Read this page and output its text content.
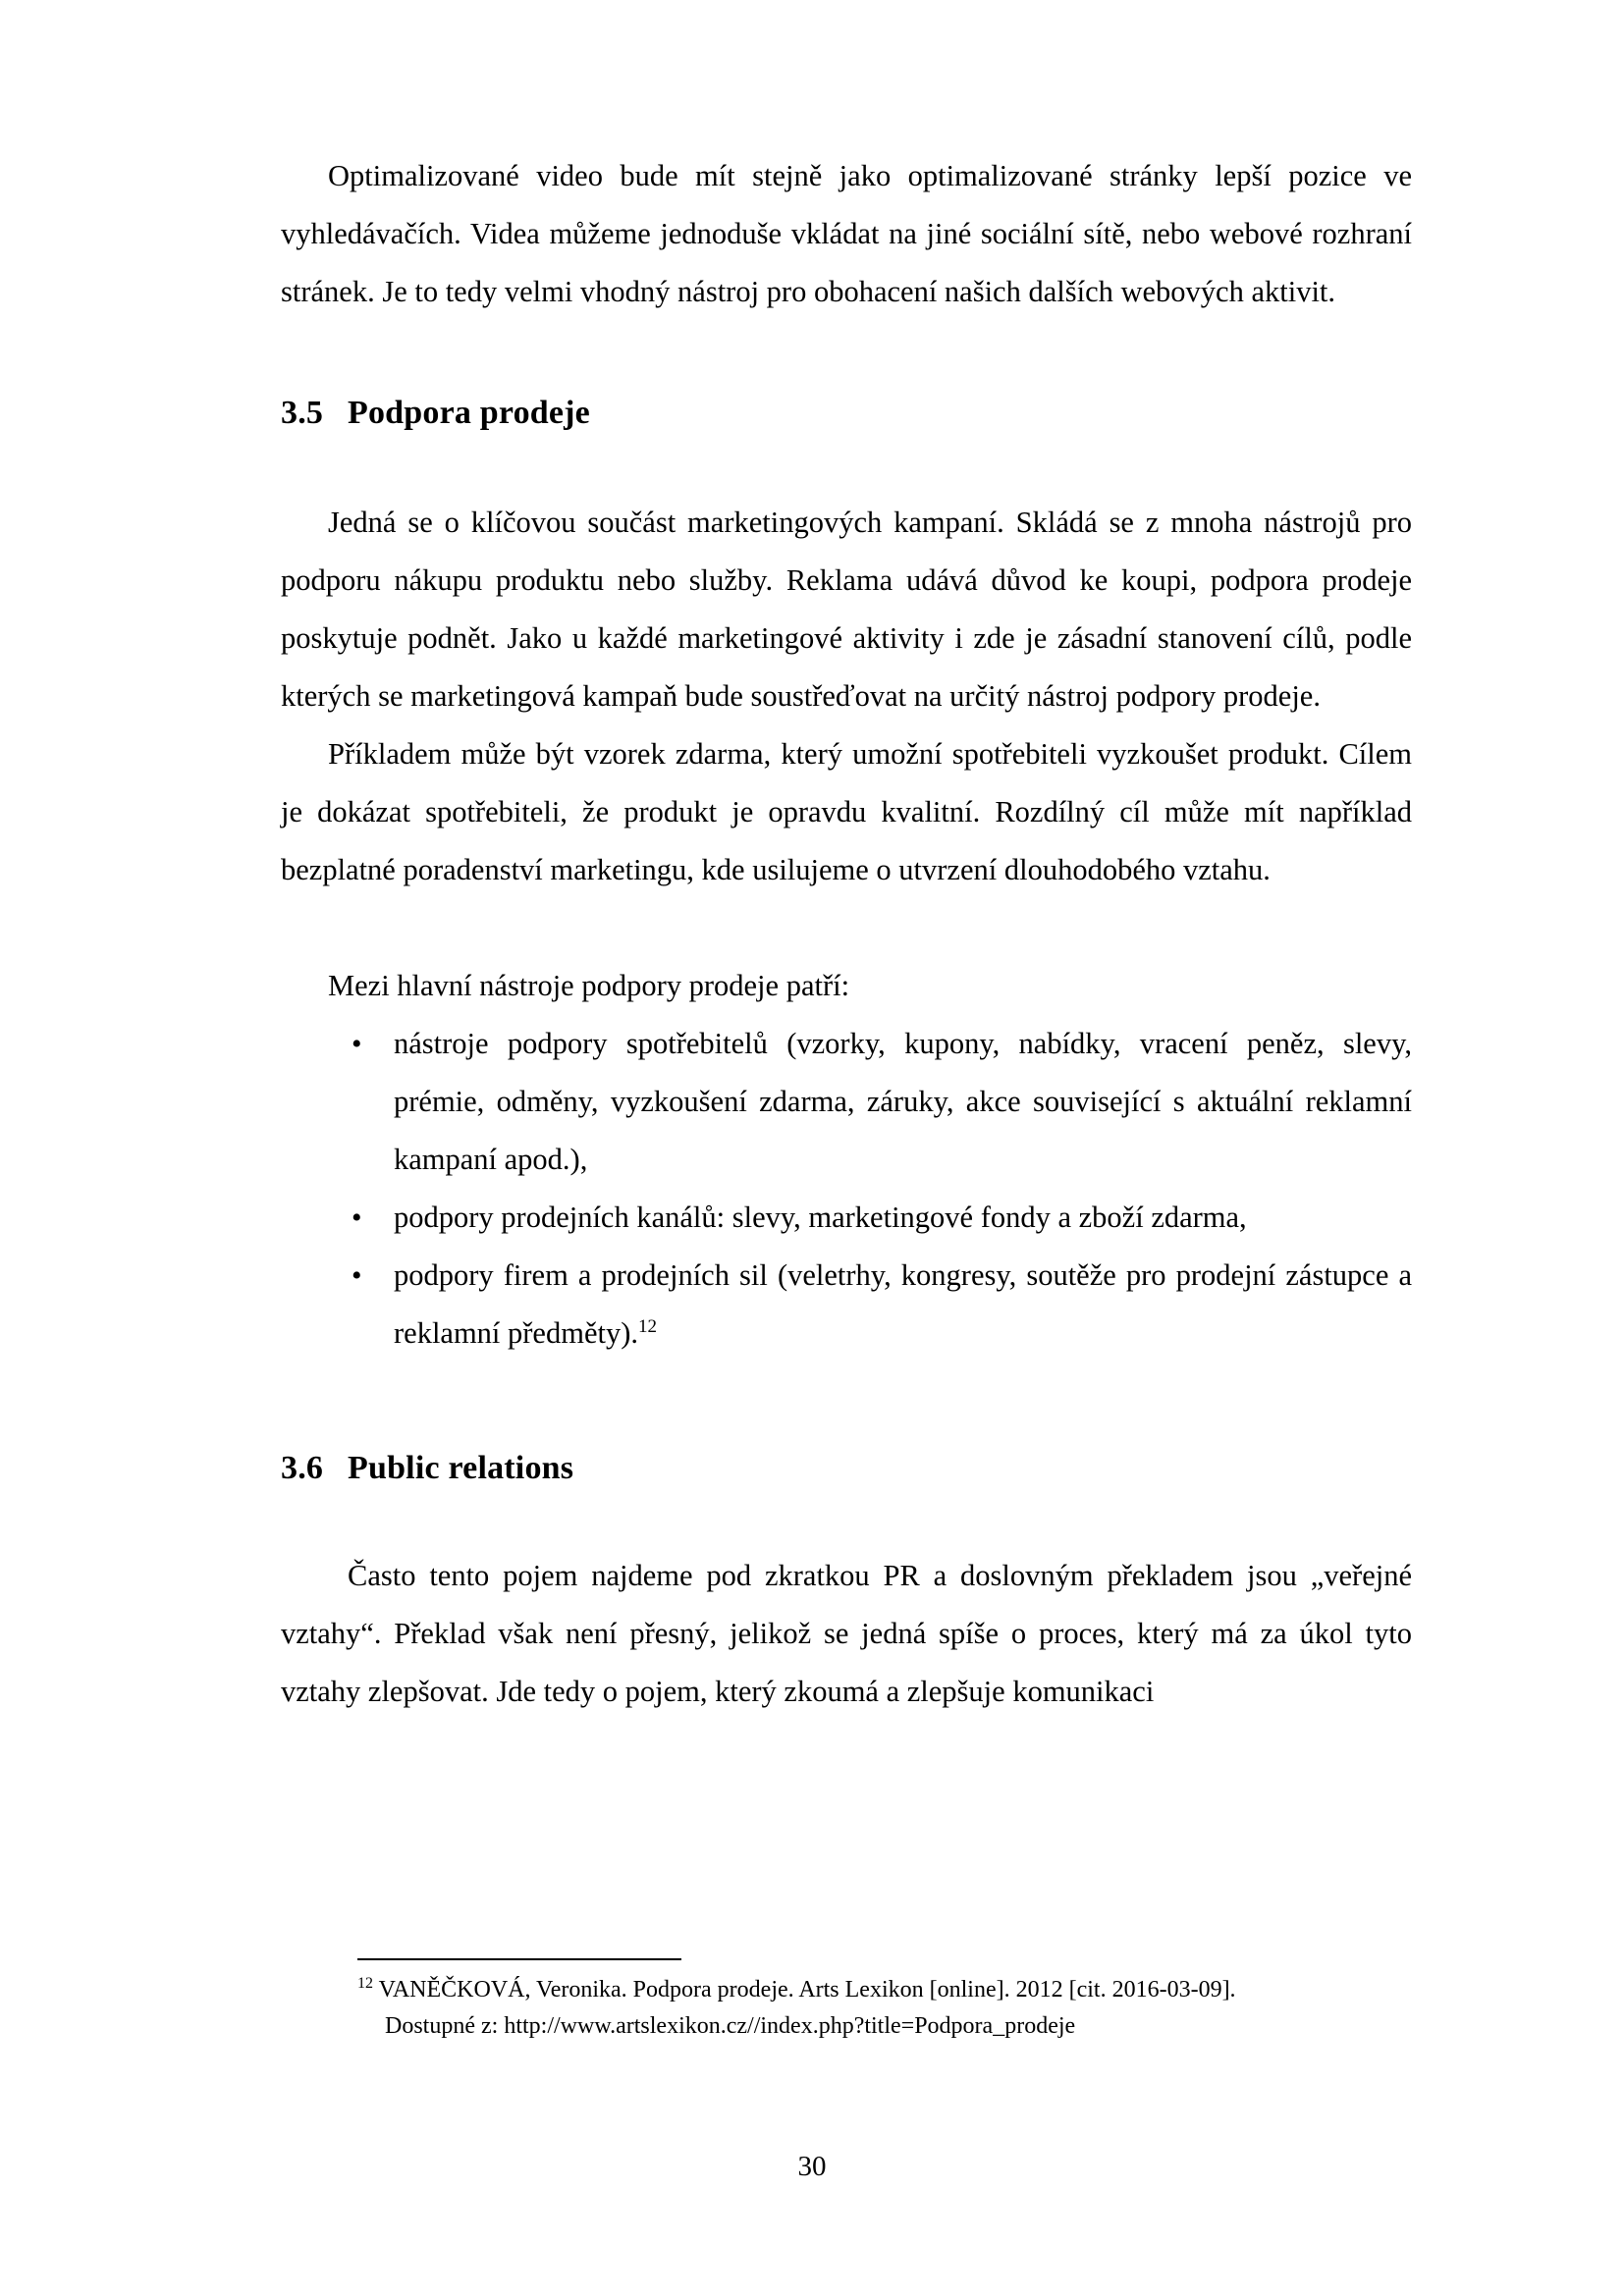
Optimalizované video bude mít stejně jako optimalizované stránky lepší pozice ve vyhledávačích. Videa můžeme jednoduše vkládat na jiné sociální sítě, nebo webové rozhraní stránek. Je to tedy velmi vhodný nástroj pro obohacení našich dalších webových aktivit.

3.5 Podpora prodeje

Jedná se o klíčovou součást marketingových kampaní. Skládá se z mnoha nástrojů pro podporu nákupu produktu nebo služby. Reklama udává důvod ke koupi, podpora prodeje poskytuje podnět. Jako u každé marketingové aktivity i zde je zásadní stanovení cílů, podle kterých se marketingová kampaň bude soustřeďovat na určitý nástroj podpory prodeje.

Příkladem může být vzorek zdarma, který umožní spotřebiteli vyzkoušet produkt. Cílem je dokázat spotřebiteli, že produkt je opravdu kvalitní. Rozdílný cíl může mít například bezplatné poradenství marketingu, kde usilujeme o utvrzení dlouhodobého vztahu.

Mezi hlavní nástroje podpory prodeje patří:

• nástroje podpory spotřebitelů (vzorky, kupony, nabídky, vracení peněz, slevy, prémie, odměny, vyzkoušení zdarma, záruky, akce související s aktuální reklamní kampaní apod.),
• podpory prodejních kanálů: slevy, marketingové fondy a zboží zdarma,
• podpory firem a prodejních sil (veletrhy, kongresy, soutěže pro prodejní zástupce a reklamní předměty).$^{12}$
3.6 Public relations

Často tento pojem najdeme pod zkratkou PR a doslovným překladem jsou „veřejné vztahy“. Překlad však není přesný, jelikož se jedná spíše o proces, který má za úkol tyto vztahy zlepšovat. Jde tedy o pojem, který zkoumá a zlepšuje komunikaci

$^{12}$ VANĚČKOVÁ, Veronika. Podpora prodeje. Arts Lexikon [online]. 2012 [cit. 2016-03-09].
Dostupné z: http://www.artslexikon.cz//index.php?title=Podpora_prodeje

30
